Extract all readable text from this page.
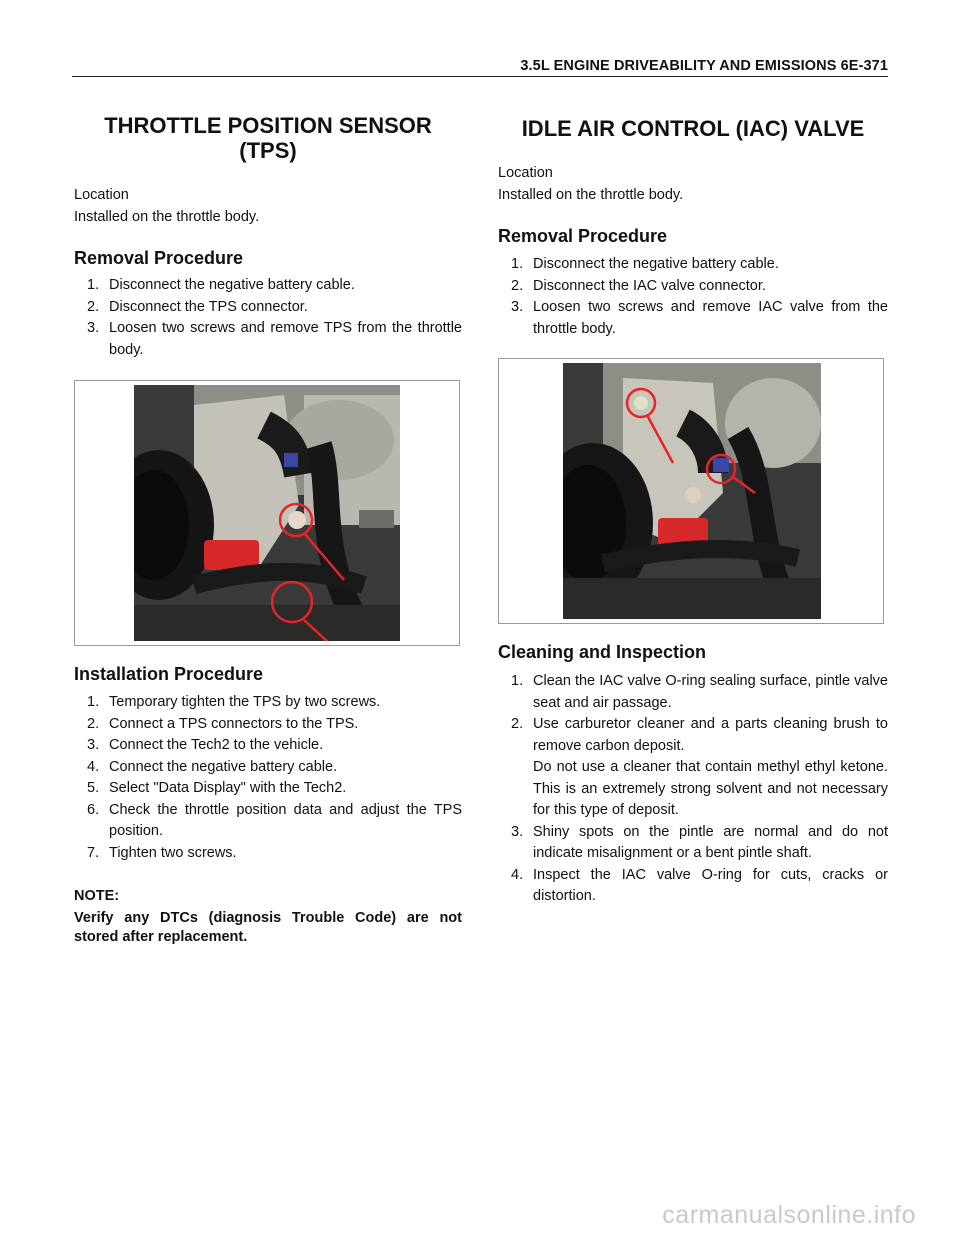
3.5L ENGINE DRIVEABILITY AND EMISSIONS 6E-371
THROTTLE POSITION SENSOR
(TPS)
Location
Installed on the throttle body.
Removal Procedure
1. Disconnect the negative battery cable.
2. Disconnect the TPS connector.
3. Loosen two screws and remove TPS from the throttle body.
Installation Procedure
1. Temporary tighten the TPS by two screws.
2. Connect a TPS connectors to the TPS.
3. Connect the Tech2 to the vehicle.
4. Connect the negative battery cable.
5. Select "Data Display" with the Tech2.
6. Check the throttle position data and adjust the TPS position.
7. Tighten two screws.
NOTE:
Verify any DTCs (diagnosis Trouble Code) are not stored after replacement.
IDLE AIR CONTROL (IAC) VALVE
Location
Installed on the throttle body.
Removal Procedure
1. Disconnect the negative battery cable.
2. Disconnect the IAC valve connector.
3. Loosen two screws and remove IAC valve from the throttle body.
Cleaning and Inspection
1. Clean the IAC valve O-ring sealing surface, pintle valve seat and air passage.
2. Use carburetor cleaner and a parts cleaning brush to remove carbon deposit.
Do not use a cleaner that contain methyl ethyl ketone. This is an extremely strong solvent and not necessary for this type of deposit.
3. Shiny spots on the pintle are normal and do not indicate misalignment or a bent pintle shaft.
4. Inspect the IAC valve O-ring for cuts, cracks or distortion.
carmanualsonline.info
